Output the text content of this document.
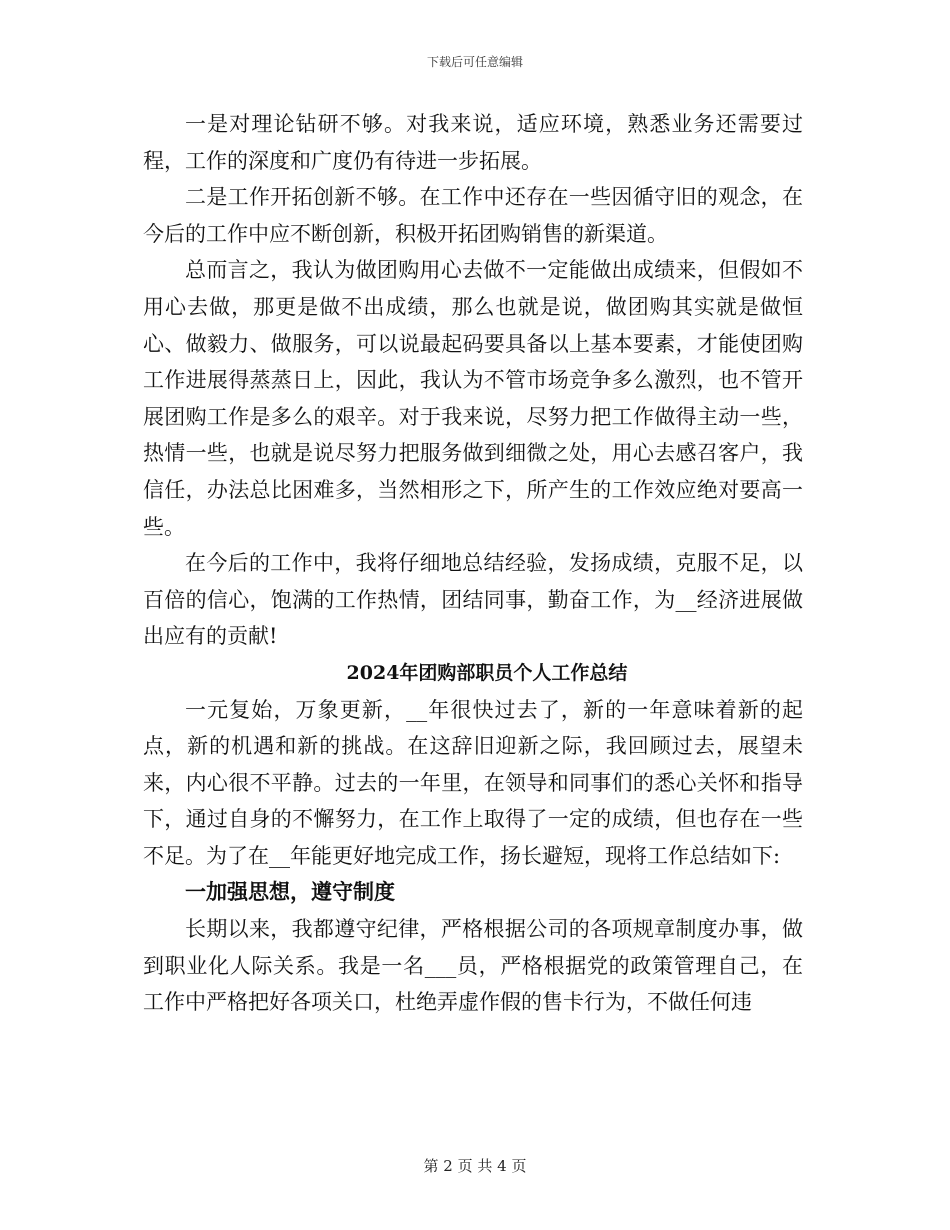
下载后可任意编辑

一是对理论钻研不够。对我来说，适应环境，熟悉业务还需要过程，工作的深度和广度仍有待进一步拓展。

二是工作开拓创新不够。在工作中还存在一些因循守旧的观念，在今后的工作中应不断创新，积极开拓团购销售的新渠道。

总而言之，我认为做团购用心去做不一定能做出成绩来，但假如不用心去做，那更是做不出成绩，那么也就是说，做团购其实就是做恒心、做毅力、做服务，可以说最起码要具备以上基本要素，才能使团购工作进展得蒸蒸日上，因此，我认为不管市场竞争多么激烈，也不管开展团购工作是多么的艰辛。对于我来说，尽努力把工作做得主动一些，热情一些，也就是说尽努力把服务做到细微之处，用心去感召客户，我信任，办法总比困难多，当然相形之下，所产生的工作效应绝对要高一些。

在今后的工作中，我将仔细地总结经验，发扬成绩，克服不足，以百倍的信心，饱满的工作热情，团结同事，勤奋工作，为__经济进展做出应有的贡献!

2024年团购部职员个人工作总结

一元复始，万象更新，__年很快过去了，新的一年意味着新的起点，新的机遇和新的挑战。在这辞旧迎新之际，我回顾过去，展望未来，内心很不平静。过去的一年里，在领导和同事们的悉心关怀和指导下，通过自身的不懈努力，在工作上取得了一定的成绩，但也存在一些不足。为了在__年能更好地完成工作，扬长避短，现将工作总结如下:

一加强思想，遵守制度

长期以来，我都遵守纪律，严格根据公司的各项规章制度办事，做到职业化人际关系。我是一名___员，严格根据党的政策管理自己，在工作中严格把好各项关口，杜绝弄虚作假的售卡行为，不做任何违

第 2 页 共 4 页
